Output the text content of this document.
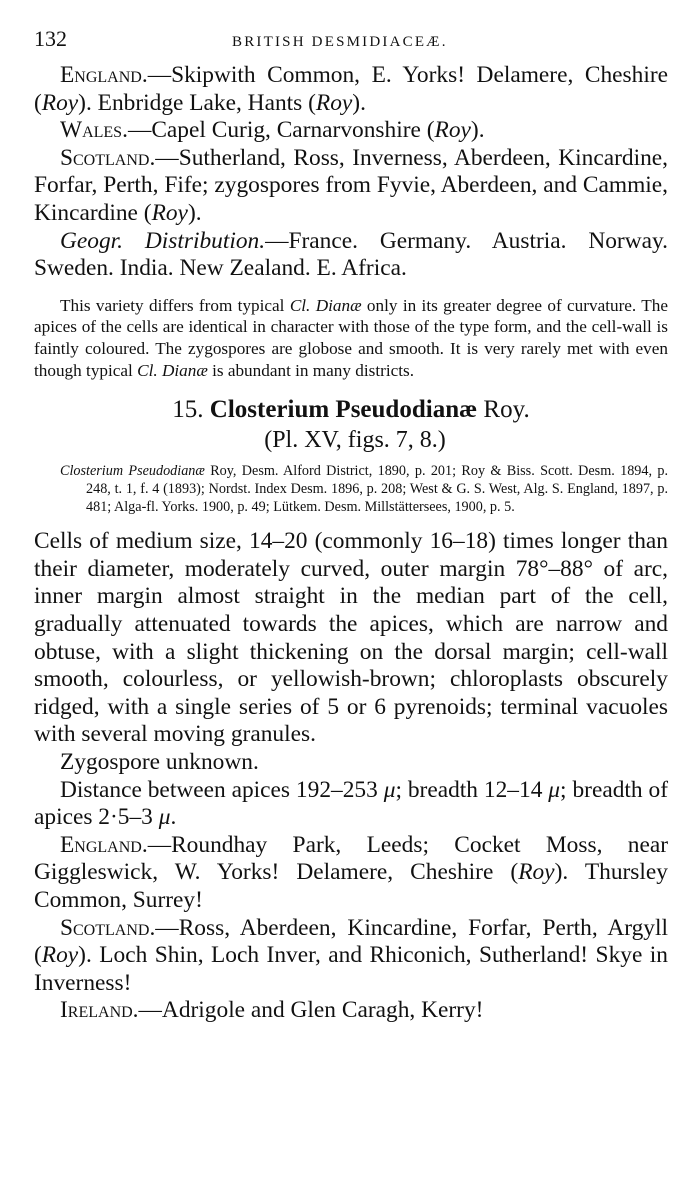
132	BRITISH DESMIDIACEÆ.

England.—Skipwith Common, E. Yorks! Delamere, Cheshire (Roy). Enbridge Lake, Hants (Roy).

Wales.—Capel Curig, Carnarvonshire (Roy).

Scotland.—Sutherland, Ross, Inverness, Aberdeen, Kincardine, Forfar, Perth, Fife; zygospores from Fyvie, Aberdeen, and Cammie, Kincardine (Roy).

Geogr. Distribution.—France. Germany. Austria. Norway. Sweden. India. New Zealand. E. Africa.

This variety differs from typical Cl. Dianæ only in its greater degree of curvature. The apices of the cells are identical in character with those of the type form, and the cell-wall is faintly coloured. The zygospores are globose and smooth. It is very rarely met with even though typical Cl. Dianæ is abundant in many districts.

15. Closterium Pseudodianæ Roy.

(Pl. XV, figs. 7, 8.)

Closterium Pseudodianæ Roy, Desm. Alford District, 1890, p. 201; Roy & Biss. Scott. Desm. 1894, p. 248, t. 1, f. 4 (1893); Nordst. Index Desm. 1896, p. 208; West & G. S. West, Alg. S. England, 1897, p. 481; Alga-fl. Yorks. 1900, p. 49; Lütkem. Desm. Millstättersees, 1900, p. 5.

Cells of medium size, 14–20 (commonly 16–18) times longer than their diameter, moderately curved, outer margin 78°–88° of arc, inner margin almost straight in the median part of the cell, gradually attenuated towards the apices, which are narrow and obtuse, with a slight thickening on the dorsal margin; cell-wall smooth, colourless, or yellowish-brown; chloroplasts obscurely ridged, with a single series of 5 or 6 pyrenoids; terminal vacuoles with several moving granules.

Zygospore unknown.

Distance between apices 192–253 μ; breadth 12–14 μ; breadth of apices 2·5–3 μ.

England.—Roundhay Park, Leeds; Cocket Moss, near Giggleswick, W. Yorks! Delamere, Cheshire (Roy). Thursley Common, Surrey!

Scotland.—Ross, Aberdeen, Kincardine, Forfar, Perth, Argyll (Roy). Loch Shin, Loch Inver, and Rhiconich, Sutherland! Skye in Inverness!

Ireland.—Adrigole and Glen Caragh, Kerry!
